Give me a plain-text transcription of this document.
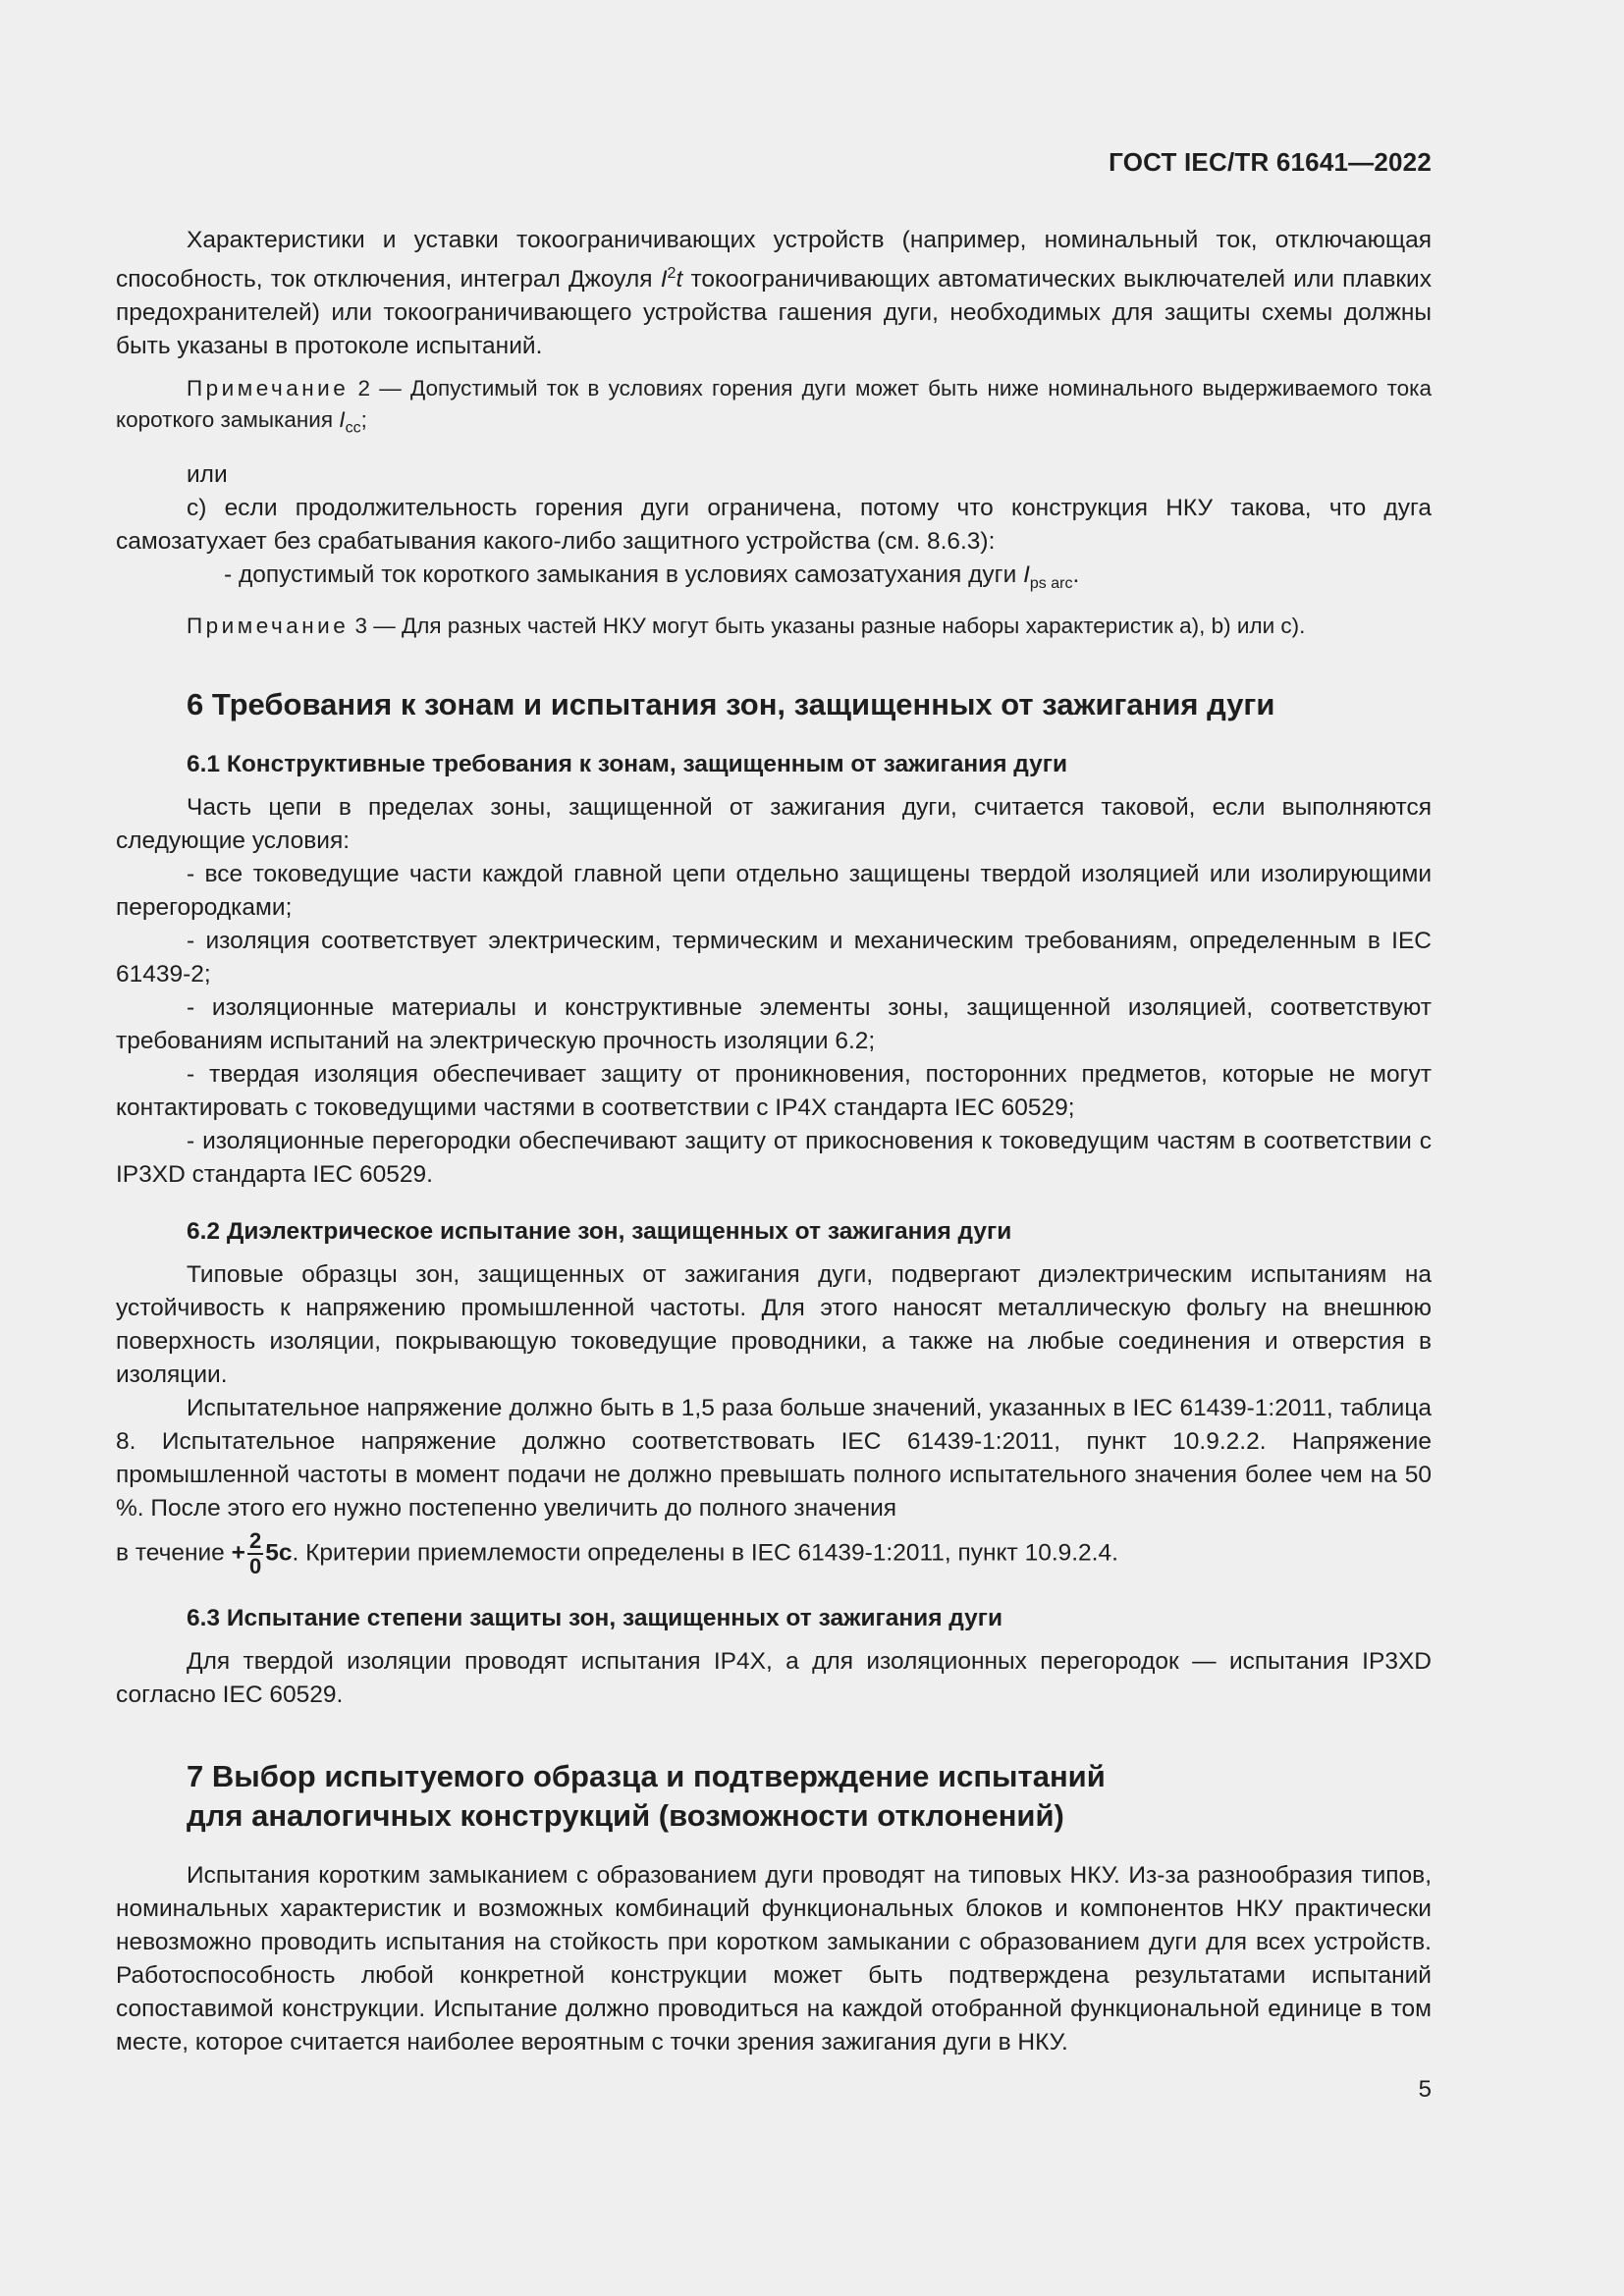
ГОСТ IEC/TR 61641—2022

Характеристики и уставки токоограничивающих устройств (например, номинальный ток, отключающая способность, ток отключения, интеграл Джоуля $I^2t$ токоограничивающих автоматических выключателей или плавких предохранителей) или токоограничивающего устройства гашения дуги, необходимых для защиты схемы должны быть указаны в протоколе испытаний.

Примечание 2 — Допустимый ток в условиях горения дуги может быть ниже номинального выдерживаемого тока короткого замыкания $I_{cc}$;

или

c) если продолжительность горения дуги ограничена, потому что конструкция НКУ такова, что дуга самозатухает без срабатывания какого-либо защитного устройства (см. 8.6.3):

- допустимый ток короткого замыкания в условиях самозатухания дуги $I_{ps arc}$.

Примечание 3 — Для разных частей НКУ могут быть указаны разные наборы характеристик a), b) или c).

6 Требования к зонам и испытания зон, защищенных от зажигания дуги
6.1 Конструктивные требования к зонам, защищенным от зажигания дуги

Часть цепи в пределах зоны, защищенной от зажигания дуги, считается таковой, если выполняются следующие условия:

- все токоведущие части каждой главной цепи отдельно защищены твердой изоляцией или изолирующими перегородками;

- изоляция соответствует электрическим, термическим и механическим требованиям, определенным в IEC 61439-2;

- изоляционные материалы и конструктивные элементы зоны, защищенной изоляцией, соответствуют требованиям испытаний на электрическую прочность изоляции 6.2;

- твердая изоляция обеспечивает защиту от проникновения, посторонних предметов, которые не могут контактировать с токоведущими частями в соответствии с IP4X стандарта IEC 60529;

- изоляционные перегородки обеспечивают защиту от прикосновения к токоведущим частям в соответствии с IP3XD стандарта IEC 60529.

6.2 Диэлектрическое испытание зон, защищенных от зажигания дуги

Типовые образцы зон, защищенных от зажигания дуги, подвергают диэлектрическим испытаниям на устойчивость к напряжению промышленной частоты. Для этого наносят металлическую фольгу на внешнюю поверхность изоляции, покрывающую токоведущие проводники, а также на любые соединения и отверстия в изоляции.

Испытательное напряжение должно быть в 1,5 раза больше значений, указанных в IEC 61439-1:2011, таблица 8. Испытательное напряжение должно соответствовать IEC 61439-1:2011, пункт 10.9.2.2. Напряжение промышленной частоты в момент подачи не должно превышать полного испытательного значения более чем на 50 %. После этого его нужно постепенно увеличить до полного значения

в течение + $\frac{2}{0} 5c$. Критерии приемлемости определены в IEC 61439-1:2011, пункт 10.9.2.4.

6.3 Испытание степени защиты зон, защищенных от зажигания дуги

Для твердой изоляции проводят испытания IP4X, а для изоляционных перегородок — испытания IP3XD согласно IEC 60529.

7 Выбор испытуемого образца и подтверждение испытаний
для аналогичных конструкций (возможности отклонений)

Испытания коротким замыканием с образованием дуги проводят на типовых НКУ. Из-за разнообразия типов, номинальных характеристик и возможных комбинаций функциональных блоков и компонентов НКУ практически невозможно проводить испытания на стойкость при коротком замыкании с образованием дуги для всех устройств. Работоспособность любой конкретной конструкции может быть подтверждена результатами испытаний сопоставимой конструкции. Испытание должно проводиться на каждой отобранной функциональной единице в том месте, которое считается наиболее вероятным с точки зрения зажигания дуги в НКУ.

5
